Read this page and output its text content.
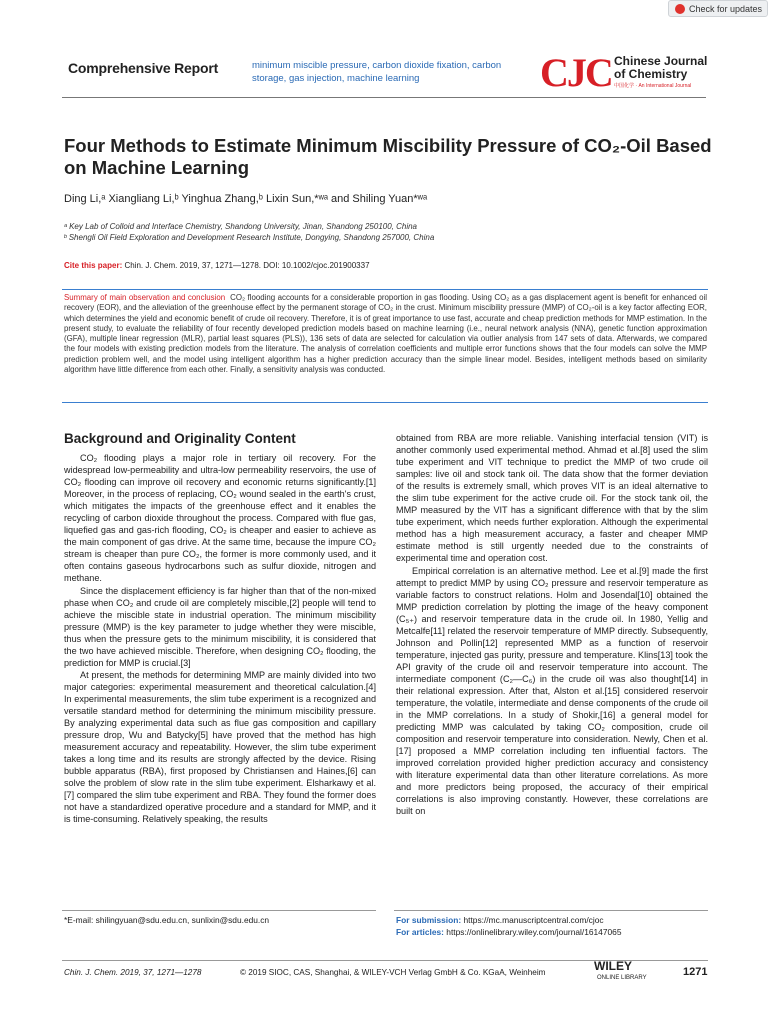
Check for updates
Comprehensive Report	minimum miscible pressure, carbon dioxide fixation, carbon storage, gas injection, machine learning	CJC Chinese Journal
of Chemistry
中国化学 · An International Journal
Four Methods to Estimate Minimum Miscibility Pressure of CO₂-Oil Based on Machine Learning
Ding Li,ᵃ Xiangliang Li,ᵇ Yinghua Zhang,ᵇ Lixin Sun,*ʷᵃ and Shiling Yuan*ʷᵃ
ᵃ Key Lab of Colloid and Interface Chemistry, Shandong University, Jinan, Shandong 250100, China
ᵇ Shengli Oil Field Exploration and Development Research Institute, Dongying, Shandong 257000, China
Cite this paper: Chin. J. Chem. 2019, 37, 1271—1278. DOI: 10.1002/cjoc.201900337
Summary of main observation and conclusion CO₂ flooding accounts for a considerable proportion in gas flooding. Using CO₂ as a gas displacement agent is benefit for enhanced oil recovery (EOR), and the alleviation of the greenhouse effect by the permanent storage of CO₂ in the crust. Minimum miscibility pressure (MMP) of CO₂-oil is a key factor affecting EOR, which determines the yield and economic benefit of crude oil recovery. Therefore, it is of great importance to use fast, accurate and cheap prediction methods for MMP estimation. In the present study, to evaluate the reliability of four recently developed prediction models based on machine learning (i.e., neural network analysis (NNA), genetic function approximation (GFA), multiple linear regression (MLR), partial least squares (PLS)), 136 sets of data are selected for calculation via outlier analysis from 147 sets of data. Afterwards, we compared the four models with existing prediction models from the literature. The analysis of correlation coefficients and multiple error functions shows that the four models can solve the MMP prediction problem well, and the model using intelligent algorithm has a higher prediction accuracy than the simple linear model. Besides, intelligent methods based on similarity algorithm have little difference from each other. Finally, a sensitivity analysis was conducted.
Background and Originality Content

CO₂ flooding plays a major role in tertiary oil recovery. For the widespread low-permeability and ultra-low permeability reservoirs, the use of CO₂ flooding can improve oil recovery and economic returns significantly.[1] Moreover, in the process of replacing, CO₂ wound sealed in the earth's crust, which mitigates the impacts of the greenhouse effect and it enables the recycling of carbon dioxide throughout the process. Compared with flue gas, liquefied gas and gas-rich flooding, CO₂ is cheaper and easier to achieve as the main component of gas drive. At the same time, because the impure CO₂ stream is cheaper than pure CO₂, the former is more commonly used, and it often contains gaseous hydrocarbons such as sulfur dioxide, nitrogen and methane.

Since the displacement efficiency is far higher than that of the non-mixed phase when CO₂ and crude oil are completely miscible,[2] people will tend to achieve the miscible state in industrial operation. The minimum miscibility pressure (MMP) is the key parameter to judge whether they were miscible, thus when the pressure gets to the minimum miscibility, it is considered that the two have achieved miscible. Therefore, when designing CO₂ flooding, the prediction for MMP is crucial.[3]

At present, the methods for determining MMP are mainly divided into two major categories: experimental measurement and theoretical calculation.[4] In experimental measurements, the slim tube experiment is a recognized and versatile standard method for determining the minimum miscibility pressure. By analyzing experimental data such as flue gas composition and capillary pressure drop, Wu and Batycky[5] have proved that the method has high measurement accuracy and repeatability. However, the slim tube experiment takes a long time and its results are strongly affected by the device. Rising bubble apparatus (RBA), first proposed by Christiansen and Haines,[6] can solve the problem of slow rate in the slim tube experiment. Elsharkawy et al.[7] compared the slim tube experiment and RBA. They found the former does not have a standardized operative procedure and a standard for MMP, and it is time-consuming. Relatively speaking, the results

obtained from RBA are more reliable. Vanishing interfacial tension (VIT) is another commonly used experimental method. Ahmad et al.[8] used the slim tube experiment and VIT technique to predict the MMP of two crude oil samples: live oil and stock tank oil. The data show that the former deviation of the results is extremely small, which proves VIT is an ideal alternative to the slim tube experiment for the active crude oil. For the stock tank oil, the MMP measured by the VIT has a significant difference with that by the slim tube experiment, which needs further exploration. Although the experimental method has a high measurement accuracy, a faster and cheaper MMP estimate method is still urgently needed due to the constraints of experimental time and operation cost.

Empirical correlation is an alternative method. Lee et al.[9] made the first attempt to predict MMP by using CO₂ pressure and reservoir temperature as variable factors to construct relations. Holm and Josendal[10] obtained the MMP prediction correlation by plotting the image of the heavy component (C₅₊) and reservoir temperature data in the crude oil. In 1980, Yellig and Metcalfe[11] related the reservoir temperature of MMP directly. Subsequently, Johnson and Pollin[12] represented MMP as a function of reservoir temperature, injected gas purity, pressure and temperature. Klins[13] took the API gravity of the crude oil and reservoir temperature into account. The intermediate component (C₂—C₆) in the crude oil was also thought[14] in their relational expression. After that, Alston et al.[15] considered reservoir temperature, the volatile, intermediate and dense components of the crude oil in the MMP correlations. In a study of Shokir,[16] a general model for predicting MMP was calculated by taking CO₂ composition, crude oil composition and reservoir temperature into consideration. Newly, Chen et al.[17] proposed a MMP correlation including ten influential factors. The improved correlation provided higher prediction accuracy and consistency with literature experimental data than other literature correlations. As more and more predictors being proposed, the accuracy of their empirical correlations is also improving constantly. However, these correlations are built on

*E-mail: shilingyuan@sdu.edu.cn, sunlixin@sdu.edu.cn	For submission: https://mc.manuscriptcentral.com/cjoc
For articles: https://onlinelibrary.wiley.com/journal/16147065
Chin. J. Chem. 2019, 37, 1271—1278	© 2019 SIOC, CAS, Shanghai, & WILEY-VCH Verlag GmbH & Co. KGaA, Weinheim	WILEY
ONLINE LIBRARY	1271
